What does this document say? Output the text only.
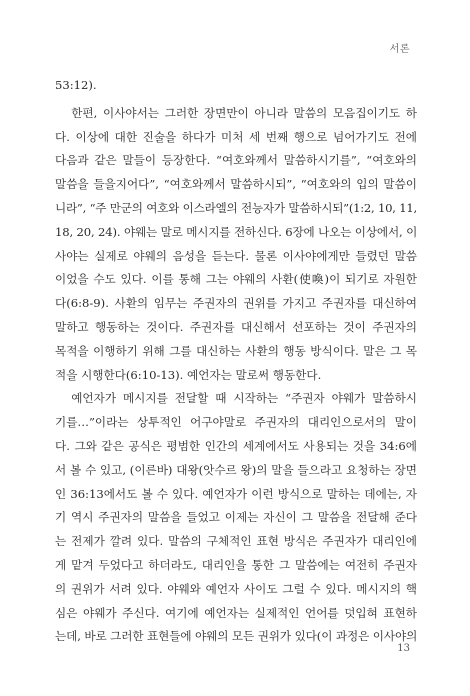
서론
53:12).
한편, 이사야서는 그러한 장면만이 아니라 말씀의 모음집이기도 하
다. 이상에 대한 진술을 하다가 미처 세 번째 행으로 넘어가기도 전에
다음과 같은 말들이 등장한다. “여호와께서 말씀하시기를”, “여호와의
말씀을 들을지어다”, “여호와께서 말씀하시되”, “여호와의 입의 말씀이
니라”, “주 만군의 여호와 이스라엘의 전능자가 말씀하시되”(1:2, 10, 11,
18, 20, 24). 야웨는 말로 메시지를 전하신다. 6장에 나오는 이상에서, 이
사야는 실제로 야웨의 음성을 듣는다. 물론 이사야에게만 들렸던 말씀
이었을 수도 있다. 이를 통해 그는 야웨의 사환(使喚)이 되기로 자원한
다(6:8-9). 사환의 임무는 주권자의 권위를 가지고 주권자를 대신하여
말하고 행동하는 것이다. 주권자를 대신해서 선포하는 것이 주권자의
목적을 이행하기 위해 그를 대신하는 사환의 행동 방식이다. 말은 그 목
적을 시행한다(6:10-13). 예언자는 말로써 행동한다.
예언자가 메시지를 전달할 때 시작하는 “주권자 야웨가 말씀하시
기를…”이라는 상투적인 어구야말로 주권자의 대리인으로서의 말이
다. 그와 같은 공식은 평범한 인간의 세계에서도 사용되는 것을 34:6에
서 볼 수 있고, (이른바) 대왕(앗수르 왕)의 말을 들으라고 요청하는 장면
인 36:13에서도 볼 수 있다. 예언자가 이런 방식으로 말하는 데에는, 자
기 역시 주권자의 말씀을 들었고 이제는 자신이 그 말씀을 전달해 준다
는 전제가 깔려 있다. 말씀의 구체적인 표현 방식은 주권자가 대리인에
게 맡겨 두었다고 하더라도, 대리인을 통한 그 말씀에는 여전히 주권자
의 권위가 서려 있다. 야웨와 예언자 사이도 그럴 수 있다. 메시지의 핵
심은 야웨가 주신다. 여기에 예언자는 실제적인 언어를 덧입혀 표현하
는데, 바로 그러한 표현들에 야웨의 모든 권위가 있다(이 과정은 이사야의
13
